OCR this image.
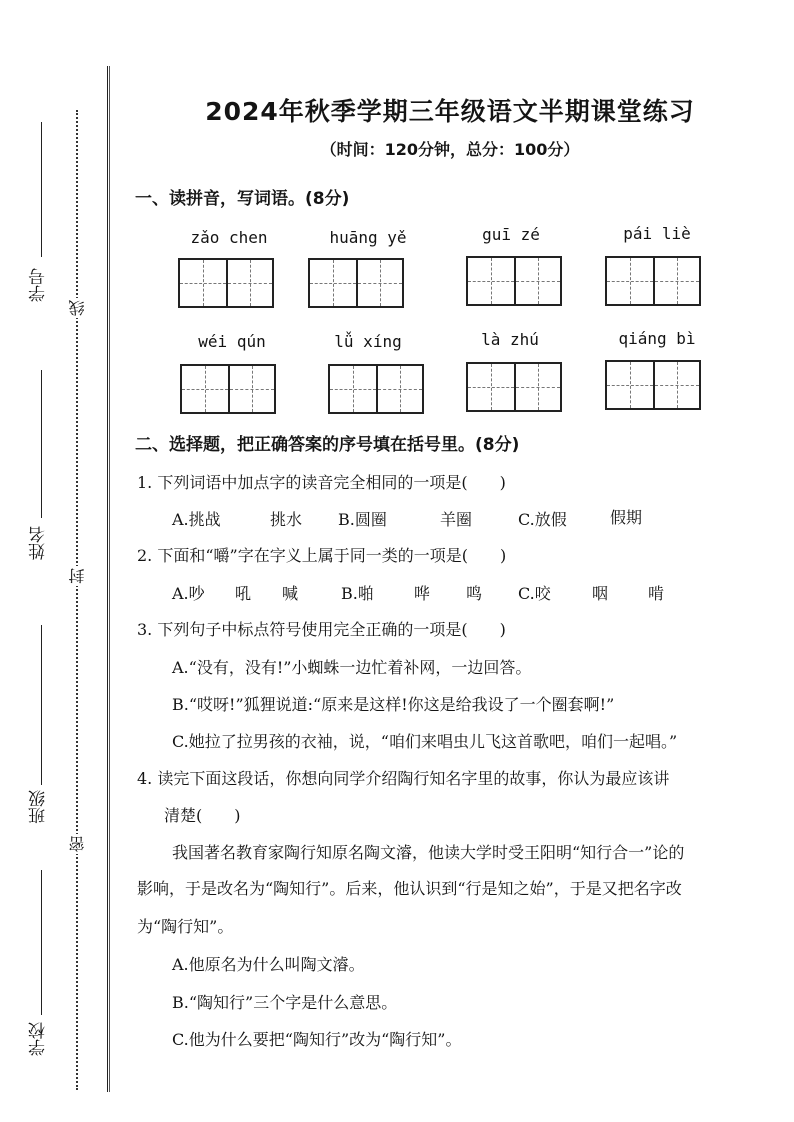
学号
姓名
班级
学校
线
封
密
2024年秋季学期三年级语文半期课堂练习
（时间：120分钟，总分：100分）
一、读拼音，写词语。(8分)
zǎo chen	huāng yě	guī zé	pái liè
wéi qún	lǚ xíng	là zhú	qiáng bì
二、选择题，把正确答案的序号填在括号里。(8分)
1. 下列词语中加点字的读音完全相同的一项是(　　)
A.挑战	挑水 B.圆圈	羊圈	C.放假	假期
2. 下面和“嚼”字在字义上属于同一类的一项是(　　)
A.吵 吼 喊	B.啪	哗 鸣 C.咬	咽 啃
3. 下列句子中标点符号使用完全正确的一项是(　　)
A.“没有，没有!”小蜘蛛一边忙着补网，一边回答。
B.“哎呀!”狐狸说道:“原来是这样!你这是给我设了一个圈套啊!”
C.她拉了拉男孩的衣袖，说，“咱们来唱虫儿飞这首歌吧，咱们一起唱。”
4. 读完下面这段话，你想向同学介绍陶行知名字里的故事，你认为最应该讲
清楚(　　)
我国著名教育家陶行知原名陶文濬，他读大学时受王阳明“知行合一”论的
影响，于是改名为“陶知行”。后来，他认识到“行是知之始”，于是又把名字改
为“陶行知”。
A.他原名为什么叫陶文濬。
B.“陶知行”三个字是什么意思。
C.他为什么要把“陶知行”改为“陶行知”。
